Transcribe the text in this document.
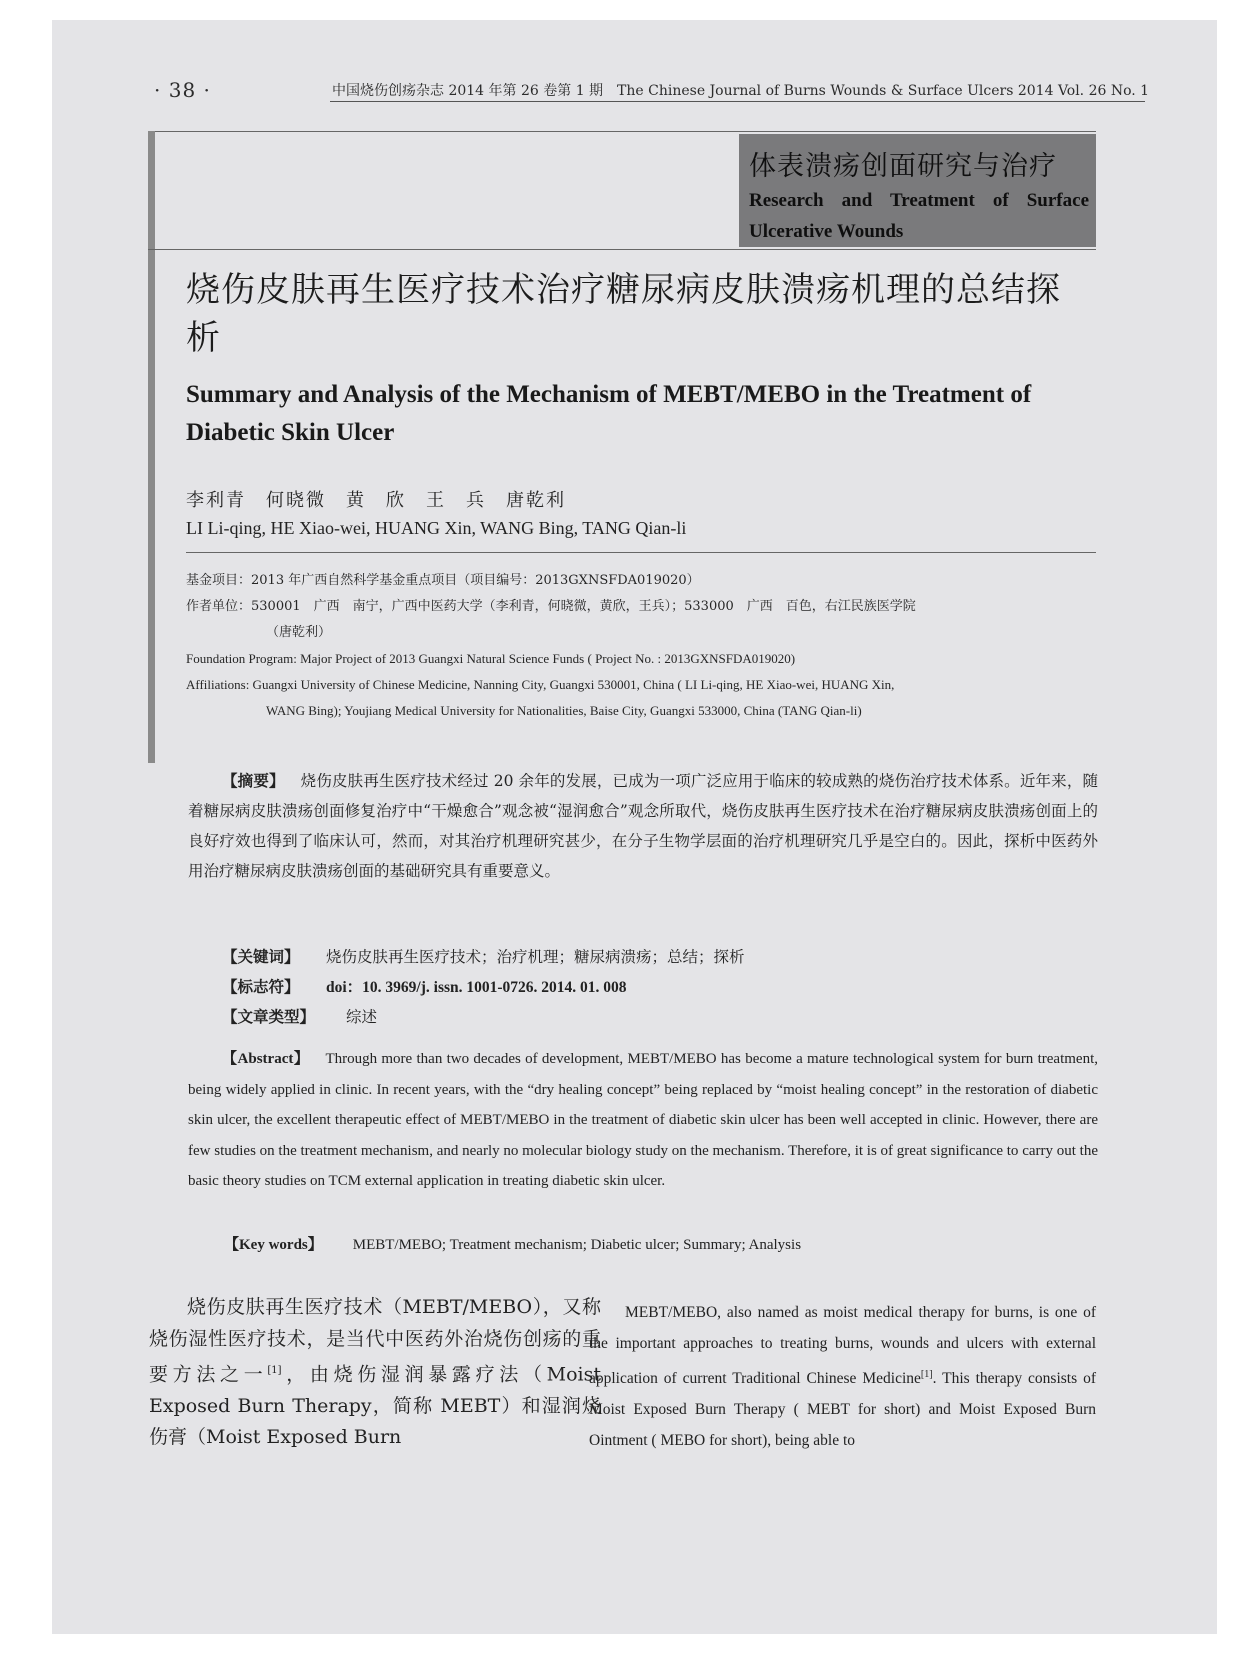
· 38 ·	中国烧伤创疡杂志 2014 年第 26 卷第 1 期　The Chinese Journal of Burns Wounds & Surface Ulcers 2014 Vol. 26 No. 1
体表溃疡创面研究与治疗
Research and Treatment of Surface Ulcerative Wounds
烧伤皮肤再生医疗技术治疗糖尿病皮肤溃疡机理的总结探析
Summary and Analysis of the Mechanism of MEBT/MEBO in the Treatment of Diabetic Skin Ulcer
李利青　何晓微　黄　欣　王　兵　唐乾利
LI Li-qing, HE Xiao-wei, HUANG Xin, WANG Bing, TANG Qian-li
基金项目：2013 年广西自然科学基金重点项目（项目编号：2013GXNSFDA019020）
作者单位：530001　广西　南宁，广西中医药大学（李利青，何晓微，黄欣，王兵）；533000　广西　百色，右江民族医学院
（唐乾利）
Foundation Program: Major Project of 2013 Guangxi Natural Science Funds ( Project No. : 2013GXNSFDA019020)
Affiliations: Guangxi University of Chinese Medicine, Nanning City, Guangxi 530001, China ( LI Li-qing, HE Xiao-wei, HUANG Xin,
WANG Bing); Youjiang Medical University for Nationalities, Baise City, Guangxi 533000, China (TANG Qian-li)
【摘要】 烧伤皮肤再生医疗技术经过 20 余年的发展，已成为一项广泛应用于临床的较成熟的烧伤治疗技术体系。近年来，随着糖尿病皮肤溃疡创面修复治疗中“干燥愈合”观念被“湿润愈合”观念所取代，烧伤皮肤再生医疗技术在治疗糖尿病皮肤溃疡创面上的良好疗效也得到了临床认可，然而，对其治疗机理研究甚少，在分子生物学层面的治疗机理研究几乎是空白的。因此，探析中医药外用治疗糖尿病皮肤溃疡创面的基础研究具有重要意义。
【关键词】 烧伤皮肤再生医疗技术；治疗机理；糖尿病溃疡；总结；探析
【标志符】 doi：10. 3969/j. issn. 1001-0726. 2014. 01. 008
【文章类型】 综述
【Abstract】 Through more than two decades of development, MEBT/MEBO has become a mature technological system for burn treatment, being widely applied in clinic. In recent years, with the “dry healing concept” being replaced by “moist healing concept” in the restoration of diabetic skin ulcer, the excellent therapeutic effect of MEBT/MEBO in the treatment of diabetic skin ulcer has been well accepted in clinic. However, there are few studies on the treatment mechanism, and nearly no molecular biology study on the mechanism. Therefore, it is of great significance to carry out the basic theory studies on TCM external application in treating diabetic skin ulcer.
【Key words】 MEBT/MEBO; Treatment mechanism; Diabetic ulcer; Summary; Analysis
烧伤皮肤再生医疗技术（MEBT/MEBO），又称烧伤湿性医疗技术，是当代中医药外治烧伤创疡的重要方法之一[1]，由烧伤湿润暴露疗法（Moist Exposed Burn Therapy，简称 MEBT）和湿润烧伤膏（Moist Exposed Burn
MEBT/MEBO, also named as moist medical therapy for burns, is one of the important approaches to treating burns, wounds and ulcers with external application of current Traditional Chinese Medicine[1]. This therapy consists of Moist Exposed Burn Therapy ( MEBT for short) and Moist Exposed Burn Ointment ( MEBO for short), being able to
